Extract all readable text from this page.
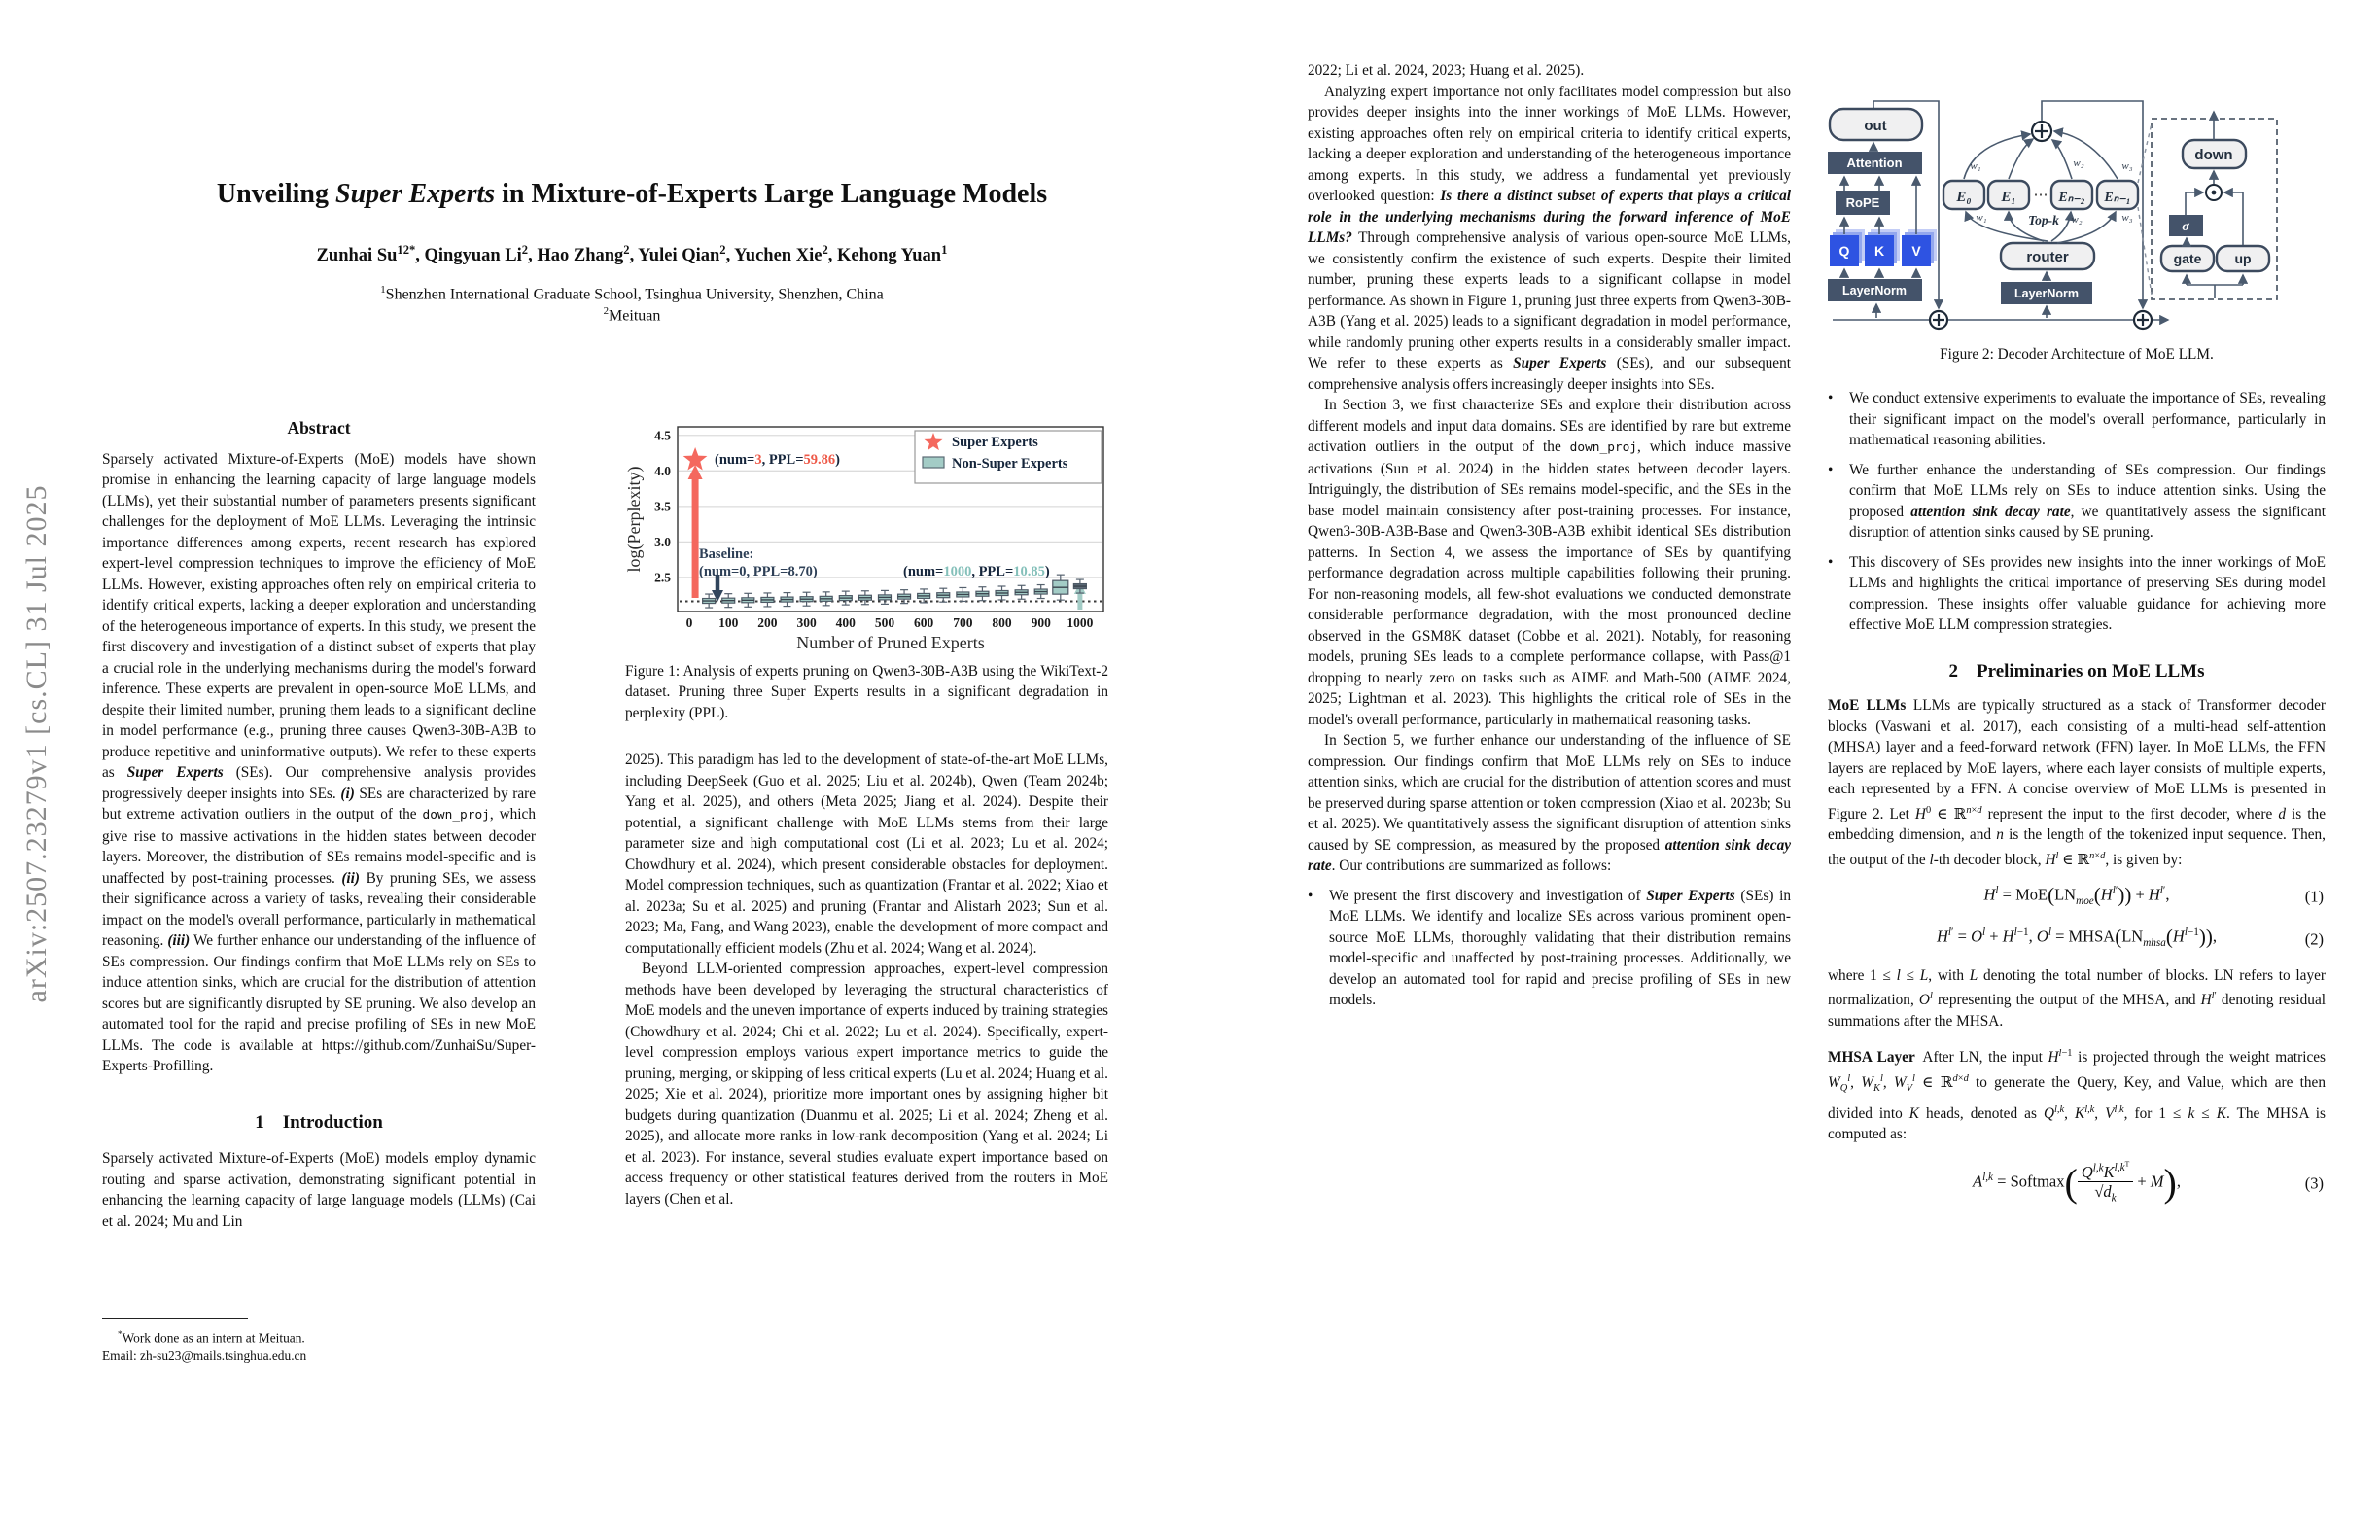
arXiv:2507.23279v1 [cs.CL] 31 Jul 2025
Unveiling Super Experts in Mixture-of-Experts Large Language Models
Zunhai $Su^{12*}$, Qingyuan Li$^2$, Hao Zhang$^2$, Yulei Qian$^2$, Yuchen Xie$^2$, Kehong Yuan$^1$
$^1$Shenzhen International Graduate School, Tsinghua University, Shenzhen, China
$^2$Meituan
Abstract

Sparsely activated Mixture-of-Experts (MoE) models have shown promise in enhancing the learning capacity of large language models (LLMs), yet their substantial number of parameters presents significant challenges for the deployment of MoE LLMs. Leveraging the intrinsic importance differences among experts, recent research has explored expert-level compression techniques to improve the efficiency of MoE LLMs. However, existing approaches often rely on empirical criteria to identify critical experts, lacking a deeper exploration and understanding of the heterogeneous importance of experts. In this study, we present the first discovery and investigation of a distinct subset of experts that play a crucial role in the underlying mechanisms during the model's forward inference. These experts are prevalent in open-source MoE LLMs, and despite their limited number, pruning them leads to a significant decline in model performance (e.g., pruning three causes Qwen3-30B-A3B to produce repetitive and uninformative outputs). We refer to these experts as Super Experts (SEs). Our comprehensive analysis provides progressively deeper insights into SEs. (i) SEs are characterized by rare but extreme activation outliers in the output of the down_proj, which give rise to massive activations in the hidden states between decoder layers. Moreover, the distribution of SEs remains model-specific and is unaffected by post-training processes. (ii) By pruning SEs, we assess their significance across a variety of tasks, revealing their considerable impact on the model's overall performance, particularly in mathematical reasoning. (iii) We further enhance our understanding of the influence of SEs compression. Our findings confirm that MoE LLMs rely on SEs to induce attention sinks, which are crucial for the distribution of attention scores but are significantly disrupted by SE pruning. We also develop an automated tool for the rapid and precise profiling of SEs in new MoE LLMs. The code is available at https://github.com/ZunhaiSu/Super-Experts-Profilling.

1 Introduction

Sparsely activated Mixture-of-Experts (MoE) models employ dynamic routing and sparse activation, demonstrating significant potential in enhancing the learning capacity of large language models (LLMs) (Cai et al. 2024; Mu and Lin

*Work done as an intern at Meituan.
Email: zh-su23@mails.tsinghua.edu.cn
2.5
3.0
3.5
4.0
4.5
0 100 200 300 400 500 600 700 800 900 1000
(num=3, PPL=59.86)
Baseline:
(num=0, PPL=8.70)	(num=1000, PPL=10.85)
Super Experts
Non-Super Experts
Number of Pruned Experts
log(Perplexity)

Figure 1: Analysis of experts pruning on Qwen3-30B-A3B using the WikiText-2 dataset. Pruning three Super Experts results in a significant degradation in perplexity (PPL).

2025). This paradigm has led to the development of state-of-the-art MoE LLMs, including DeepSeek (Guo et al. 2025; Liu et al. 2024b), Qwen (Team 2024b; Yang et al. 2025), and others (Meta 2025; Jiang et al. 2024). Despite their potential, a significant challenge with MoE LLMs stems from their large parameter size and high computational cost (Li et al. 2023; Lu et al. 2024; Chowdhury et al. 2024), which present considerable obstacles for deployment. Model compression techniques, such as quantization (Frantar et al. 2022; Xiao et al. 2023a; Su et al. 2025) and pruning (Frantar and Alistarh 2023; Sun et al. 2023; Ma, Fang, and Wang 2023), enable the development of more compact and computationally efficient models (Zhu et al. 2024; Wang et al. 2024).

Beyond LLM-oriented compression approaches, expert-level compression methods have been developed by leveraging the structural characteristics of MoE models and the uneven importance of experts induced by training strategies (Chowdhury et al. 2024; Chi et al. 2022; Lu et al. 2024). Specifically, expert-level compression employs various expert importance metrics to guide the pruning, merging, or skipping of less critical experts (Lu et al. 2024; Huang et al. 2025; Xie et al. 2024), prioritize more important ones by assigning higher bit budgets during quantization (Duanmu et al. 2025; Li et al. 2024; Zheng et al. 2025), and allocate more ranks in low-rank decomposition (Yang et al. 2024; Li et al. 2023). For instance, several studies evaluate expert importance based on access frequency or other statistical features derived from the routers in MoE layers (Chen et al.

2022; Li et al. 2024, 2023; Huang et al. 2025).

Analyzing expert importance not only facilitates model compression but also provides deeper insights into the inner workings of MoE LLMs. However, existing approaches often rely on empirical criteria to identify critical experts, lacking a deeper exploration and understanding of the heterogeneous importance among experts. In this study, we address a fundamental yet previously overlooked question: Is there a distinct subset of experts that plays a critical role in the underlying mechanisms during the forward inference of MoE LLMs? Through comprehensive analysis of various open-source MoE LLMs, we consistently confirm the existence of such experts. Despite their limited number, pruning these experts leads to a significant collapse in model performance. As shown in Figure 1, pruning just three experts from Qwen3-30B-A3B (Yang et al. 2025) leads to a significant degradation in model performance, while randomly pruning other experts results in a considerably smaller impact. We refer to these experts as Super Experts (SEs), and our subsequent comprehensive analysis offers increasingly deeper insights into SEs.

In Section 3, we first characterize SEs and explore their distribution across different models and input data domains. SEs are identified by rare but extreme activation outliers in the output of the down_proj, which induce massive activations (Sun et al. 2024) in the hidden states between decoder layers. Intriguingly, the distribution of SEs remains model-specific, and the SEs in the base model maintain consistency after post-training processes. For instance, Qwen3-30B-A3B-Base and Qwen3-30B-A3B exhibit identical SEs distribution patterns. In Section 4, we assess the importance of SEs by quantifying performance degradation across multiple capabilities following their pruning. For non-reasoning models, all few-shot evaluations we conducted demonstrate considerable performance degradation, with the most pronounced decline observed in the GSM8K dataset (Cobbe et al. 2021). Notably, for reasoning models, pruning SEs leads to a complete performance collapse, with Pass@1 dropping to nearly zero on tasks such as AIME and Math-500 (AIME 2024, 2025; Lightman et al. 2023). This highlights the critical role of SEs in the model's overall performance, particularly in mathematical reasoning tasks.

In Section 5, we further enhance our understanding of the influence of SE compression. Our findings confirm that MoE LLMs rely on SEs to induce attention sinks, which are crucial for the distribution of attention scores and must be preserved during sparse attention or token compression (Xiao et al. 2023b; Su et al. 2025). We quantitatively assess the significant disruption of attention sinks caused by SE compression, as measured by the proposed attention sink decay rate. Our contributions are summarized as follows:

•	We present the first discovery and investigation of Super Experts (SEs) in MoE LLMs. We identify and localize SEs across various prominent open-source MoE LLMs, thoroughly validating that their distribution remains model-specific and unaffected by post-training processes. Additionally, we develop an automated tool for rapid and precise profiling of SEs in new models.
out
Attention
RoPE
Q K V
LayerNorm	LayerNorm
router
E₀ E₁ ⋯ Eₙ₋₂ Eₙ₋₁
Top-k
w₁	w₂	w₃
w₁	w₂	w₃
down
σ
gate up

Figure 2: Decoder Architecture of MoE LLM.

•	We conduct extensive experiments to evaluate the importance of SEs, revealing their significant impact on the model's overall performance, particularly in mathematical reasoning abilities.
•	We further enhance the understanding of SEs compression. Our findings confirm that MoE LLMs rely on SEs to induce attention sinks. Using the proposed attention sink decay rate, we quantitatively assess the significant disruption of attention sinks caused by SE pruning.
•	This discovery of SEs provides new insights into the inner workings of MoE LLMs and highlights the critical importance of preserving SEs during model compression. These insights offer valuable guidance for achieving more effective MoE LLM compression strategies.
2 Preliminaries on MoE LLMs

MoE LLMs LLMs are typically structured as a stack of Transformer decoder blocks (Vaswani et al. 2017), each consisting of a multi-head self-attention (MHSA) layer and a feed-forward network (FFN) layer. In MoE LLMs, the FFN layers are replaced by MoE layers, where each layer consists of multiple experts, each represented by a FFN. A concise overview of MoE LLMs is presented in Figure 2. Let $H^0$ ∈ ℝ$^{n\times d}$ represent the input to the first decoder, where d is the embedding dimension, and n is the length of the tokenized input sequence. Then, the output of the l-th decoder block, $H^l$ ∈ ℝ$^{n\times d}$, is given by:

$H^l = MoE(LN_{moe}(H^{l'})) + H^{l'}$,	(1)
$H^{l'} = O^l + H^{l-1}$, $O^l$ = $MHSA(LN_{mhsa}(H^{l-1}))$,	(2)

where 1 ≤ l ≤ L, with L denoting the total number of blocks. LN refers to layer normalization, $O^l$ representing the output of the MHSA, and $H^{l'}$ denoting residual summations after the MHSA.

MHSA Layer After LN, the input $H^{l-1}$ is projected through the weight matrices $W_Q^l$, $W_K^l$, $W_V^l$ ∈ ℝ$^{d\times d}$ to generate the Query, Key, and Value, which are then divided into K heads, denoted as Q$^{l,k}$, K$^{l,k}$, V$^{l,k}$, for 1 ≤ k ≤ K. The MHSA is computed as:

A$^{l,k}$ = Softmax( $\frac{Q^{l,k}K^{l,k^T}}{√d_k} + M$),	(3)
